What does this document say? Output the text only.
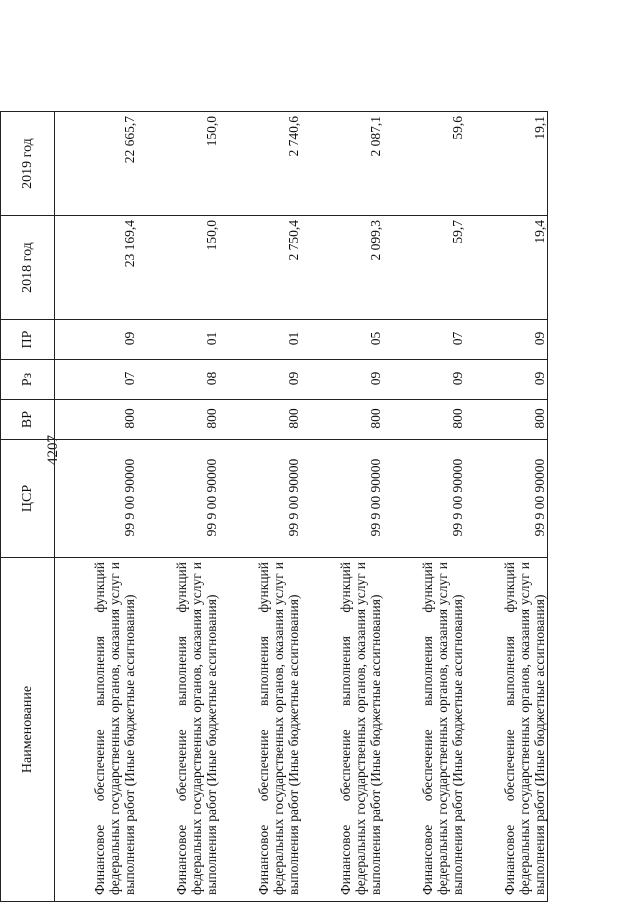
4207
Наименование	ЦСР	ВР	Рз	ПР	2018 год	2019 год
Финансовое обеспечение выполнения функций федеральных государственных органов, оказания услуг и выполнения работ (Иные бюджетные ассигнования)	99 9 00 90000	800	07	09	23 169,4	22 665,7
Финансовое обеспечение выполнения функций федеральных государственных органов, оказания услуг и выполнения работ (Иные бюджетные ассигнования)	99 9 00 90000	800	08	01	150,0	150,0
Финансовое обеспечение выполнения функций федеральных государственных органов, оказания услуг и выполнения работ (Иные бюджетные ассигнования)	99 9 00 90000	800	09	01	2 750,4	2 740,6
Финансовое обеспечение выполнения функций федеральных государственных органов, оказания услуг и выполнения работ (Иные бюджетные ассигнования)	99 9 00 90000	800	09	05	2 099,3	2 087,1
Финансовое обеспечение выполнения функций федеральных государственных органов, оказания услуг и выполнения работ (Иные бюджетные ассигнования)	99 9 00 90000	800	09	07	59,7	59,6
Финансовое обеспечение выполнения функций федеральных государственных органов, оказания услуг и выполнения работ (Иные бюджетные ассигнования)	99 9 00 90000	800	09	09	19,4	19,1
